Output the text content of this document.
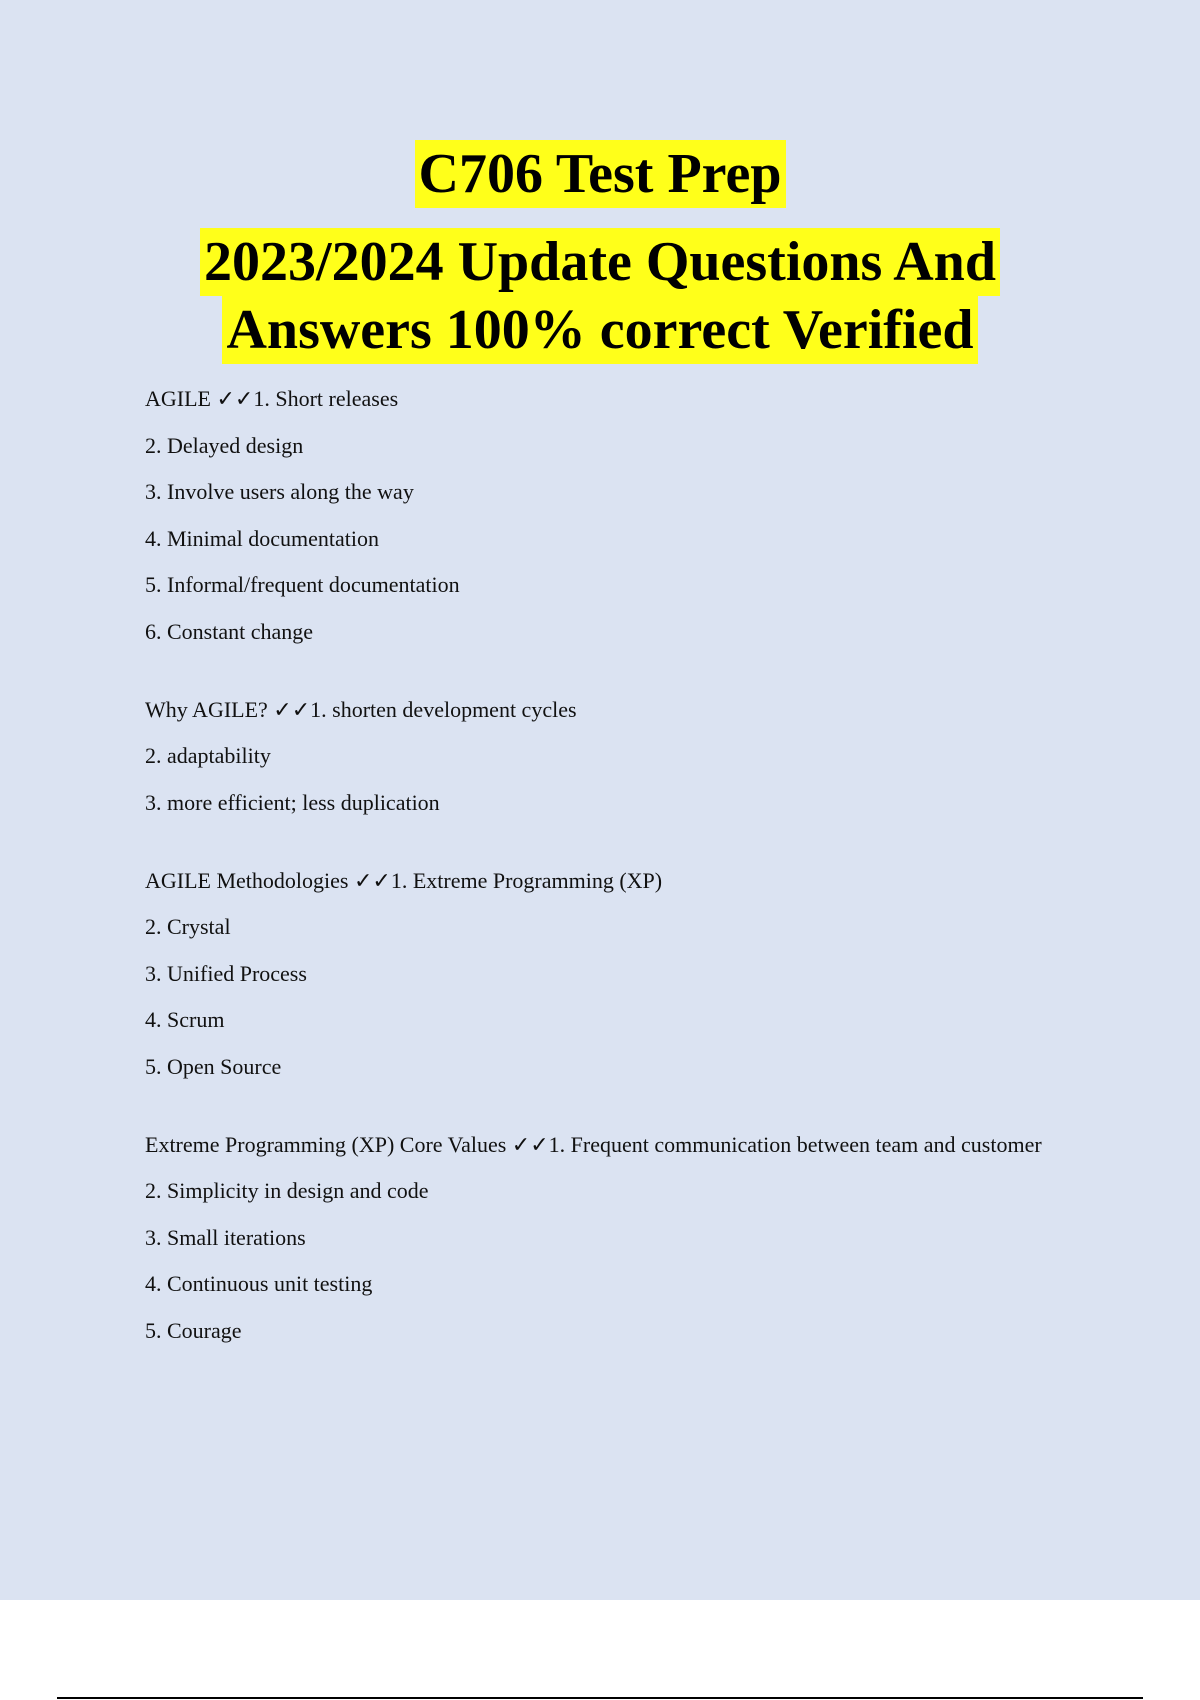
C706 Test Prep
2023/2024 Update Questions And
Answers 100% correct Verified
AGILE ✓✓1. Short releases
2. Delayed design
3. Involve users along the way
4. Minimal documentation
5. Informal/frequent documentation
6. Constant change
Why AGILE? ✓✓1. shorten development cycles
2. adaptability
3. more efficient; less duplication
AGILE Methodologies ✓✓1. Extreme Programming (XP)
2. Crystal
3. Unified Process
4. Scrum
5. Open Source
Extreme Programming (XP) Core Values ✓✓1. Frequent communication between team and customer
2. Simplicity in design and code
3. Small iterations
4. Continuous unit testing
5. Courage
